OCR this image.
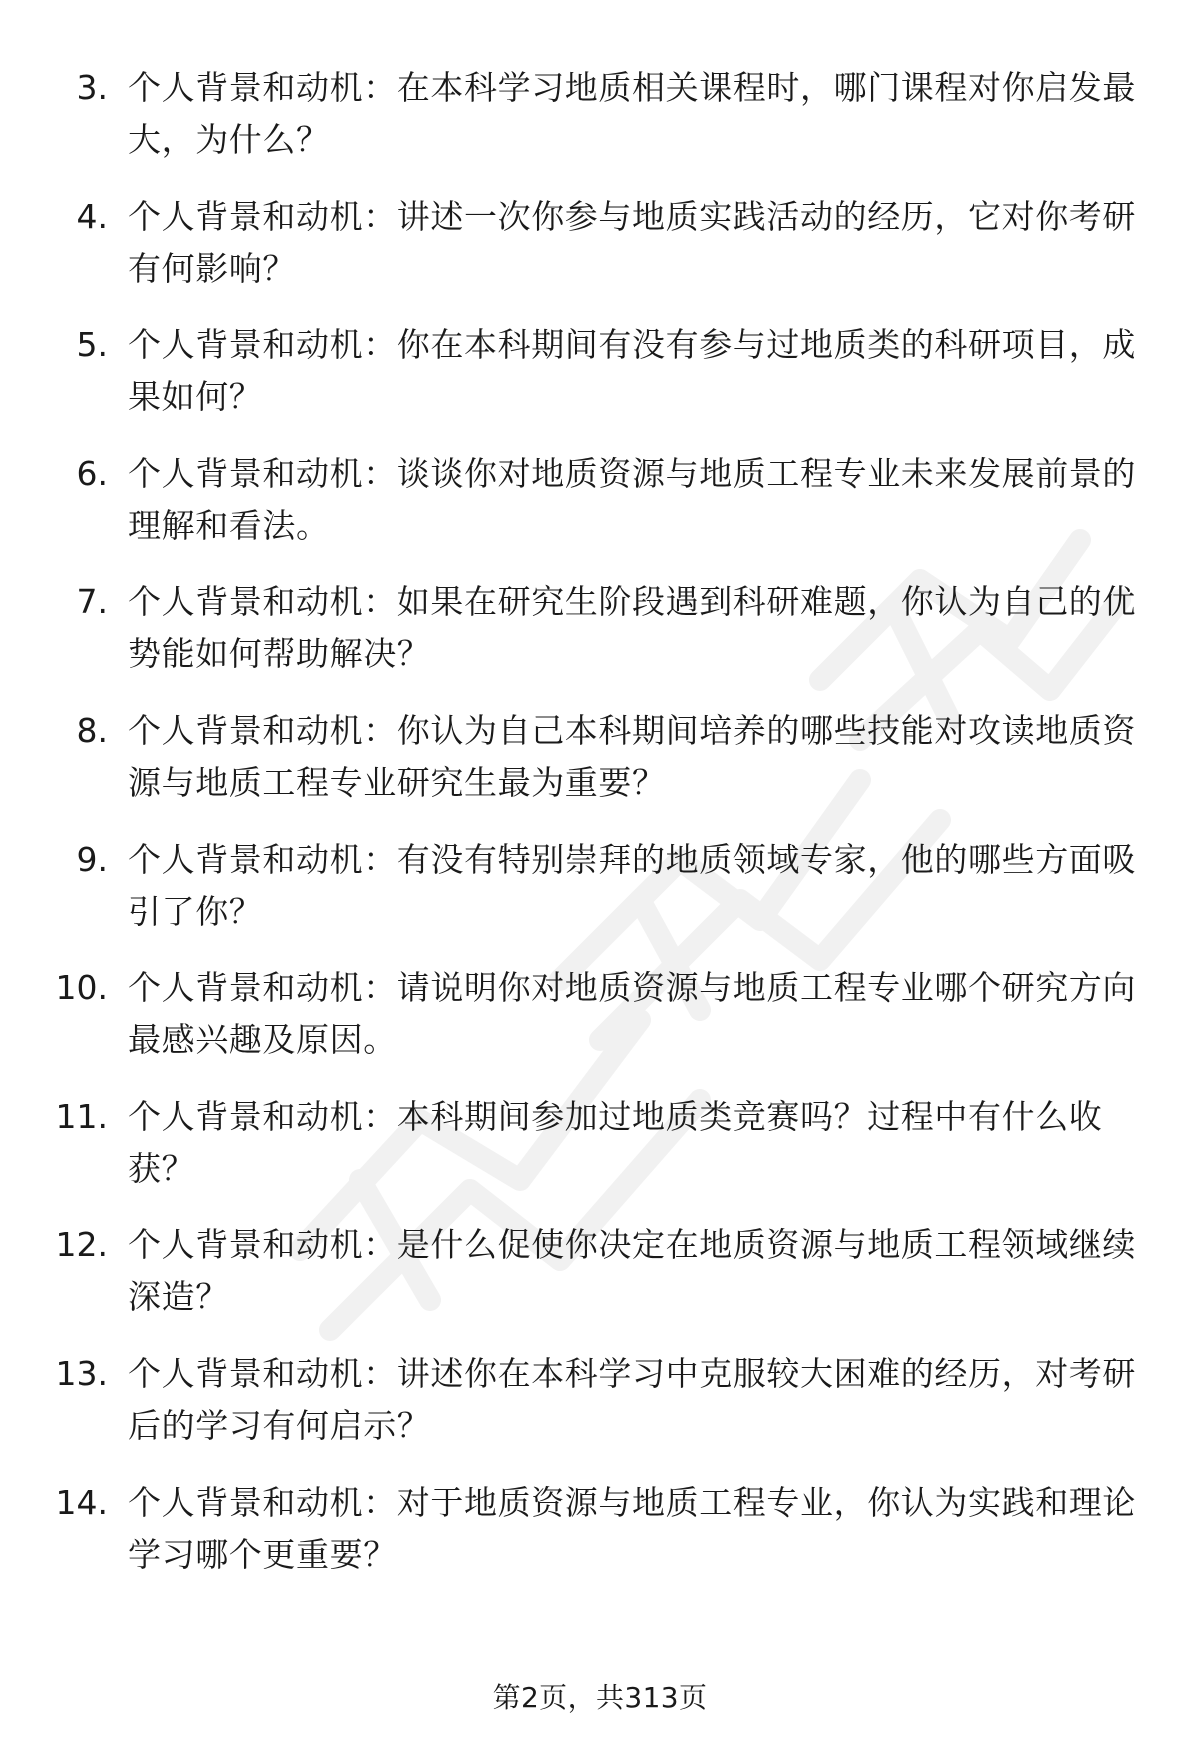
3. 个人背景和动机：在本科学习地质相关课程时，哪门课程对你启发最大，为什么？
4. 个人背景和动机：讲述一次你参与地质实践活动的经历，它对你考研有何影响？
5. 个人背景和动机：你在本科期间有没有参与过地质类的科研项目，成果如何？
6. 个人背景和动机：谈谈你对地质资源与地质工程专业未来发展前景的理解和看法。
7. 个人背景和动机：如果在研究生阶段遇到科研难题，你认为自己的优势能如何帮助解决？
8. 个人背景和动机：你认为自己本科期间培养的哪些技能对攻读地质资源与地质工程专业研究生最为重要？
9. 个人背景和动机：有没有特别崇拜的地质领域专家，他的哪些方面吸引了你？
10. 个人背景和动机：请说明你对地质资源与地质工程专业哪个研究方向最感兴趣及原因。
11. 个人背景和动机：本科期间参加过地质类竞赛吗？过程中有什么收获？
12. 个人背景和动机：是什么促使你决定在地质资源与地质工程领域继续深造？
13. 个人背景和动机：讲述你在本科学习中克服较大困难的经历，对考研后的学习有何启示？
14. 个人背景和动机：对于地质资源与地质工程专业，你认为实践和理论学习哪个更重要？
第2页，共313页
